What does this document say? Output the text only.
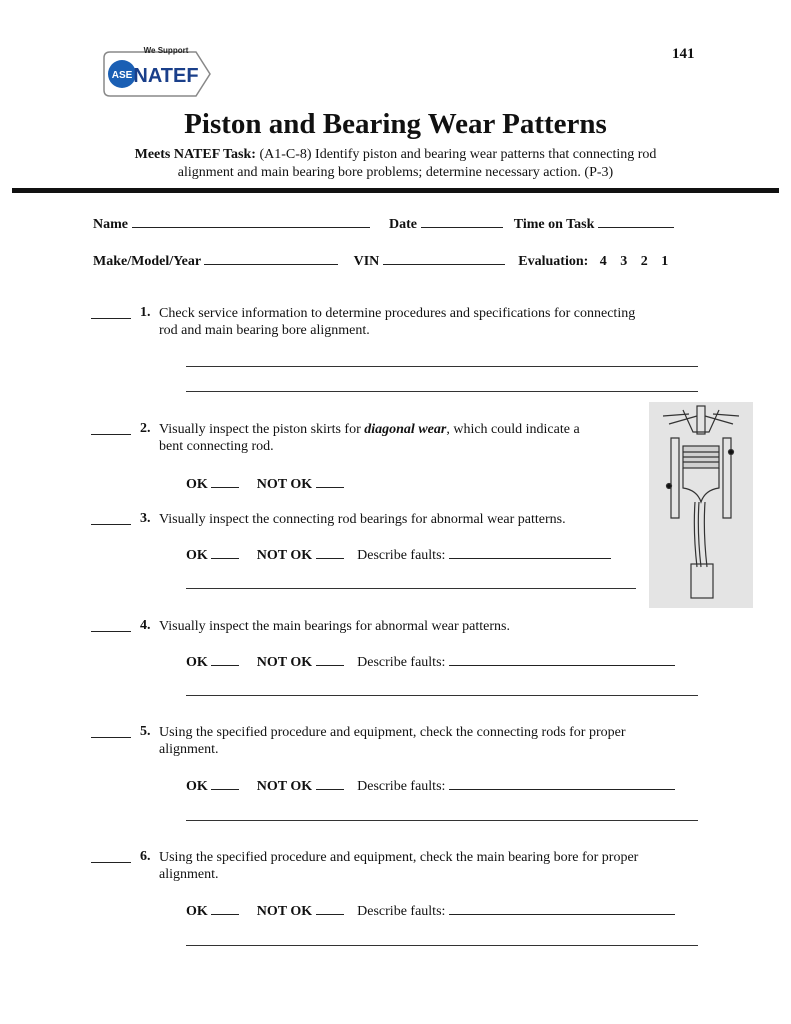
ASE
We Support
NATEF
141
Piston and Bearing Wear Patterns
Meets NATEF Task: (A1-C-8) Identify piston and bearing wear patterns that connecting rod
alignment and main bearing bore problems; determine necessary action. (P-3)
Name	Date	Time on Task
Make/Model/Year	VIN	Evaluation: 4 3 2 1
1. Check service information to determine procedures and specifications for connecting
rod and main bearing bore alignment.
2. Visually inspect the piston skirts for diagonal wear, which could indicate a
bent connecting rod.
OK	NOT OK
3. Visually inspect the connecting rod bearings for abnormal wear patterns.
OK	NOT OK	Describe faults:
4. Visually inspect the main bearings for abnormal wear patterns.
OK	NOT OK	Describe faults:
5. Using the specified procedure and equipment, check the connecting rods for proper
alignment.
OK	NOT OK	Describe faults:
6. Using the specified procedure and equipment, check the main bearing bore for proper
alignment.
OK	NOT OK	Describe faults:
